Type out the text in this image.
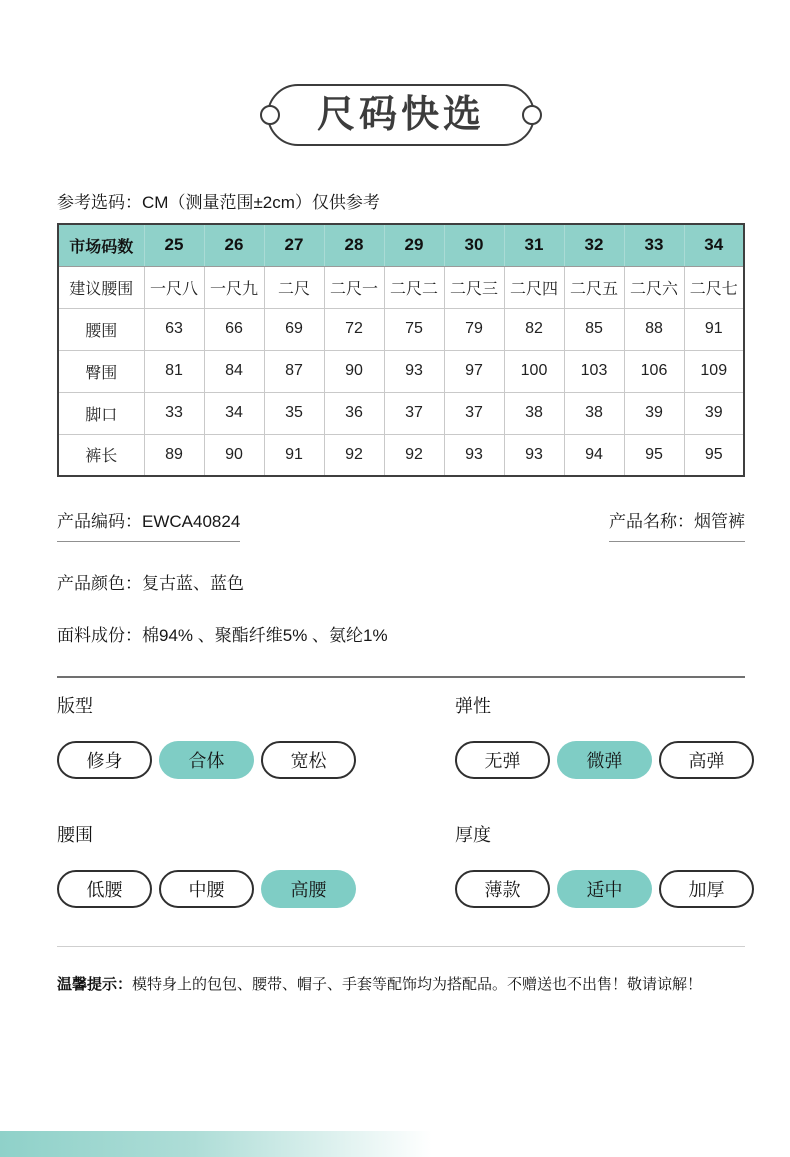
尺码快选

参考选码：CM（测量范围±2cm）仅供参考

市场码数	25	26	27	28	29	30	31	32	33	34
建议腰围	一尺八	一尺九	二尺	二尺一	二尺二	二尺三	二尺四	二尺五	二尺六	二尺七
腰围	63	66	69	72	75	79	82	85	88	91
臀围	81	84	87	90	93	97	100	103	106	109
脚口	33	34	35	36	37	37	38	38	39	39
裤长	89	90	91	92	92	93	93	94	95	95
产品编码：EWCA40824	产品名称：烟管裤

产品颜色：复古蓝、蓝色

面料成份：棉94% 、聚酯纤维5% 、氨纶1%

版型
修身	合体	宽松
弹性
无弹	微弹	高弹
腰围
低腰	中腰	高腰
厚度
薄款	适中	加厚

温馨提示：模特身上的包包、腰带、帽子、手套等配饰均为搭配品。不赠送也不出售！敬请谅解！
